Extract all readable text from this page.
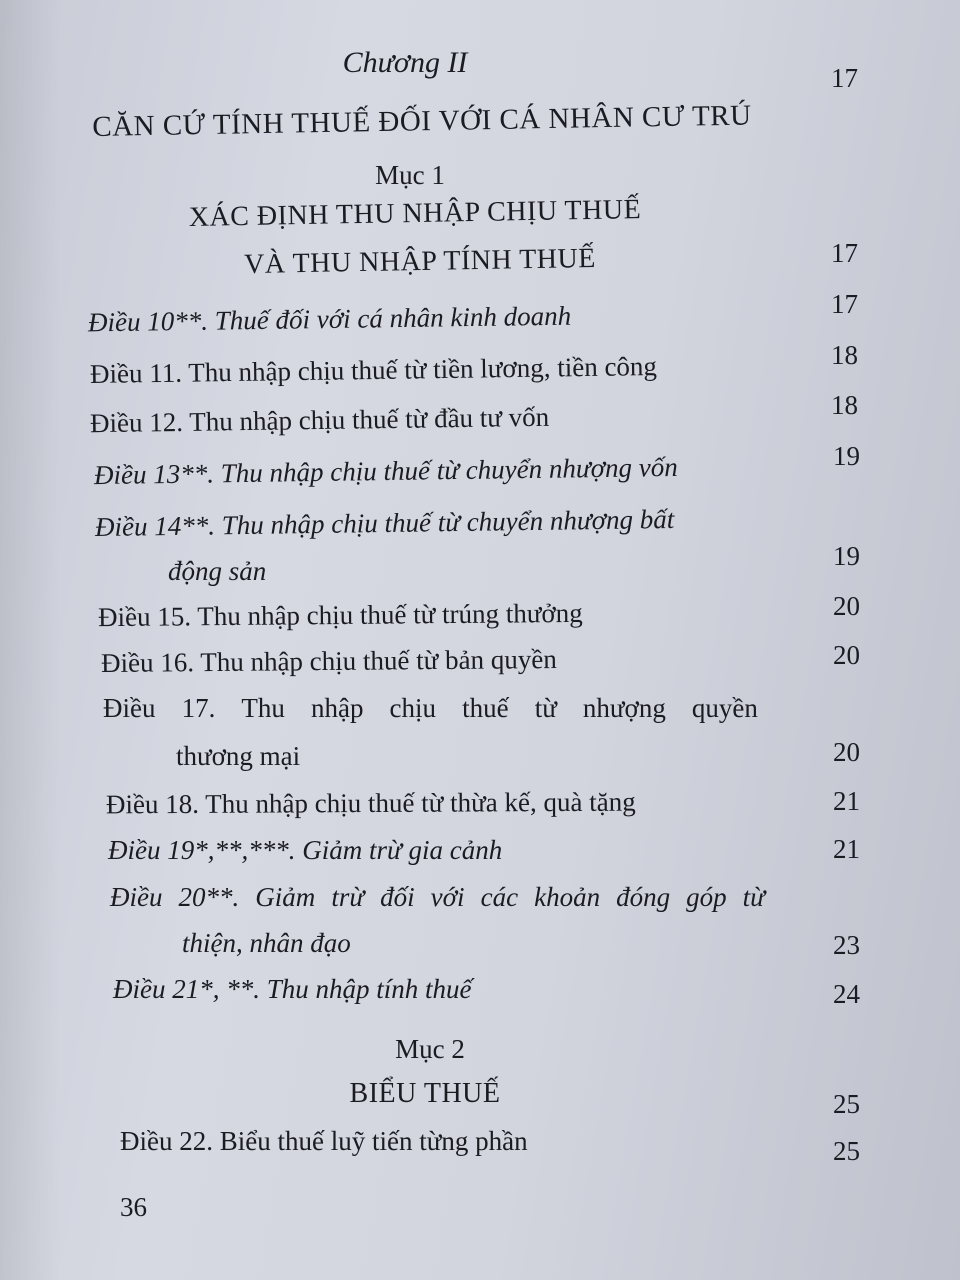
Chương II
CĂN CỨ TÍNH THUẾ ĐỐI VỚI CÁ NHÂN CƯ TRÚ
17
Mục 1
XÁC ĐỊNH THU NHẬP CHỊU THUẾ
VÀ THU NHẬP TÍNH THUẾ	17
Điều 10**. Thuế đối với cá nhân kinh doanh	17
Điều 11. Thu nhập chịu thuế từ tiền lương, tiền công	18
Điều 12. Thu nhập chịu thuế từ đầu tư vốn	18
Điều 13**. Thu nhập chịu thuế từ chuyển nhượng vốn	19
Điều 14**. Thu nhập chịu thuế từ chuyển nhượng bất
động sản	19
Điều 15. Thu nhập chịu thuế từ trúng thưởng	20
Điều 16. Thu nhập chịu thuế từ bản quyền	20
Điều 17. Thu nhập chịu thuế từ nhượng quyền
thương mại	20
Điều 18. Thu nhập chịu thuế từ thừa kế, quà tặng	21
Điều 19*,**,***. Giảm trừ gia cảnh	21
Điều 20**. Giảm trừ đối với các khoản đóng góp từ
thiện, nhân đạo	23
Điều 21*, **. Thu nhập tính thuế	24
Mục 2
BIỂU THUẾ	25
Điều 22. Biểu thuế luỹ tiến từng phần	25
36
